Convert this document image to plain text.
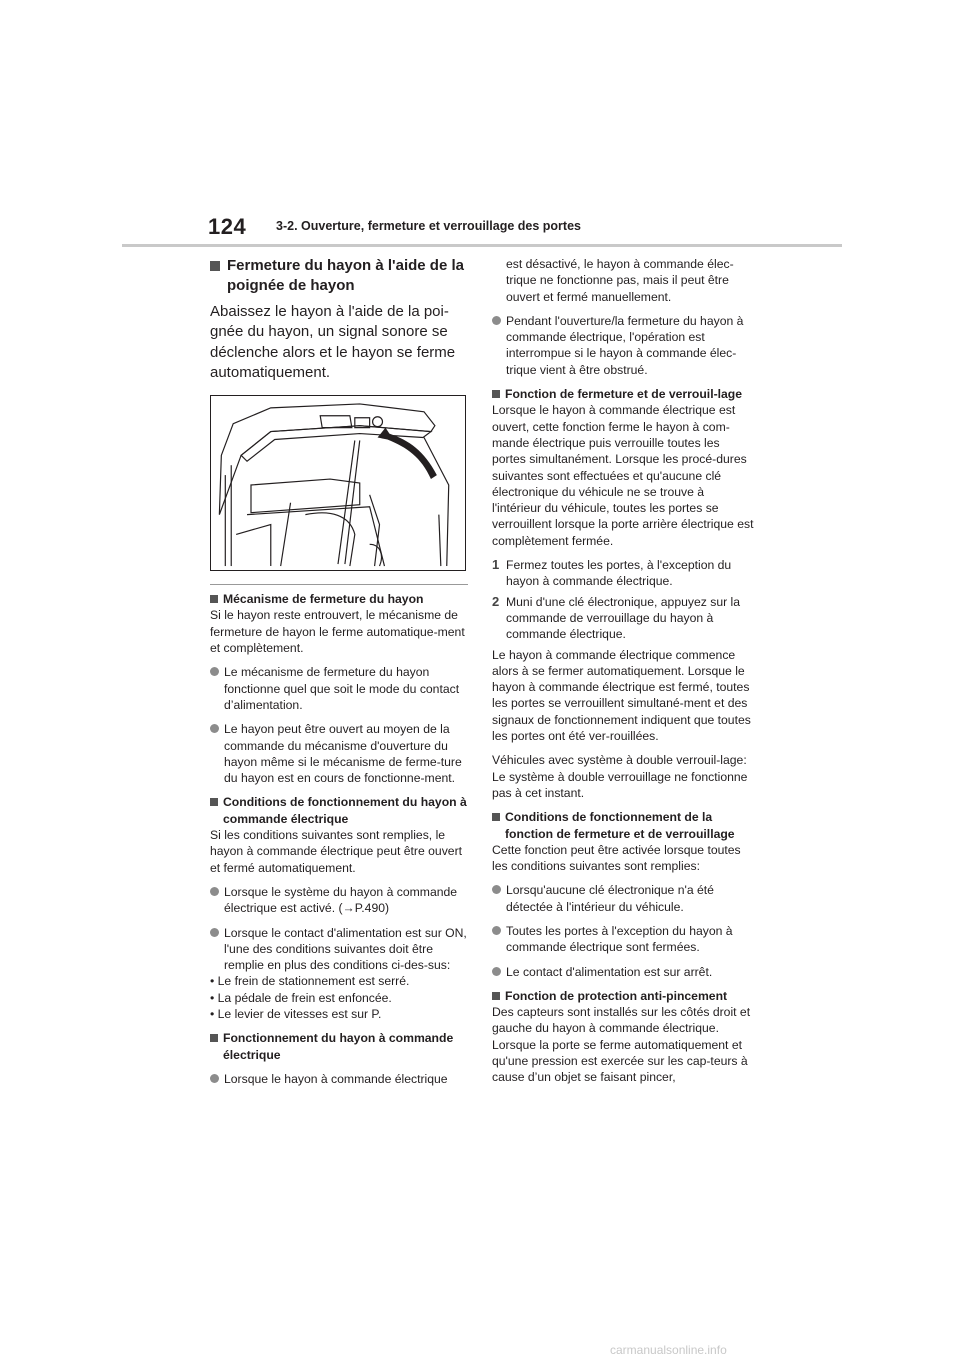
124 3-2. Ouverture, fermeture et verrouillage des portes
Fermeture du hayon à l'aide de la poignée de hayon
Abaissez le hayon à l'aide de la poi-gnée du hayon, un signal sonore se déclenche alors et le hayon se ferme automatiquement.
Mécanisme de fermeture du hayon

Si le hayon reste entrouvert, le mécanisme de fermeture de hayon le ferme automatique-ment et complètement.

Le mécanisme de fermeture du hayon fonctionne quel que soit le mode du contact d’alimentation.
Le hayon peut être ouvert au moyen de la commande du mécanisme d'ouverture du hayon même si le mécanisme de ferme-ture du hayon est en cours de fonctionne-ment.
Conditions de fonctionnement du hayon à commande électrique

Si les conditions suivantes sont remplies, le hayon à commande électrique peut être ouvert et fermé automatiquement.

Lorsque le système du hayon à commande électrique est activé. (→P.490)
Lorsque le contact d'alimentation est sur ON, l'une des conditions suivantes doit être remplie en plus des conditions ci-des-sus:
• Le frein de stationnement est serré.
• La pédale de frein est enfoncée.
• Le levier de vitesses est sur P.
Fonctionnement du hayon à commande électrique
Lorsque le hayon à commande électrique
est désactivé, le hayon à commande élec-trique ne fonctionne pas, mais il peut être ouvert et fermé manuellement.
Pendant l'ouverture/la fermeture du hayon à commande électrique, l'opération est interrompue si le hayon à commande élec-trique vient à être obstrué.
Fonction de fermeture et de verrouil-lage

Lorsque le hayon à commande électrique est ouvert, cette fonction ferme le hayon à com-mande électrique puis verrouille toutes les portes simultanément. Lorsque les procé-dures suivantes sont effectuées et qu'aucune clé électronique du véhicule ne se trouve à l'intérieur du véhicule, toutes les portes se verrouillent lorsque la porte arrière électrique est complètement fermée.

1 Fermez toutes les portes, à l'exception du hayon à commande électrique.
2 Muni d'une clé électronique, appuyez sur la commande de verrouillage du hayon à commande électrique.

Le hayon à commande électrique commence alors à se fermer automatiquement. Lorsque le hayon à commande électrique est fermé, toutes les portes se verrouillent simultané-ment et des signaux de fonctionnement indiquent que toutes les portes ont été ver-rouillées.

Véhicules avec système à double verrouil-lage: Le système à double verrouillage ne fonctionne pas à cet instant.

Conditions de fonctionnement de la fonction de fermeture et de verrouillage

Cette fonction peut être activée lorsque toutes les conditions suivantes sont remplies:

Lorsqu'aucune clé électronique n'a été détectée à l'intérieur du véhicule.
Toutes les portes à l'exception du hayon à commande électrique sont fermées.
Le contact d'alimentation est sur arrêt.
Fonction de protection anti-pincement

Des capteurs sont installés sur les côtés droit et gauche du hayon à commande électrique. Lorsque la porte se ferme automatiquement et qu'une pression est exercée sur les cap-teurs à cause d’un objet se faisant pincer,

carmanualsonline.info
